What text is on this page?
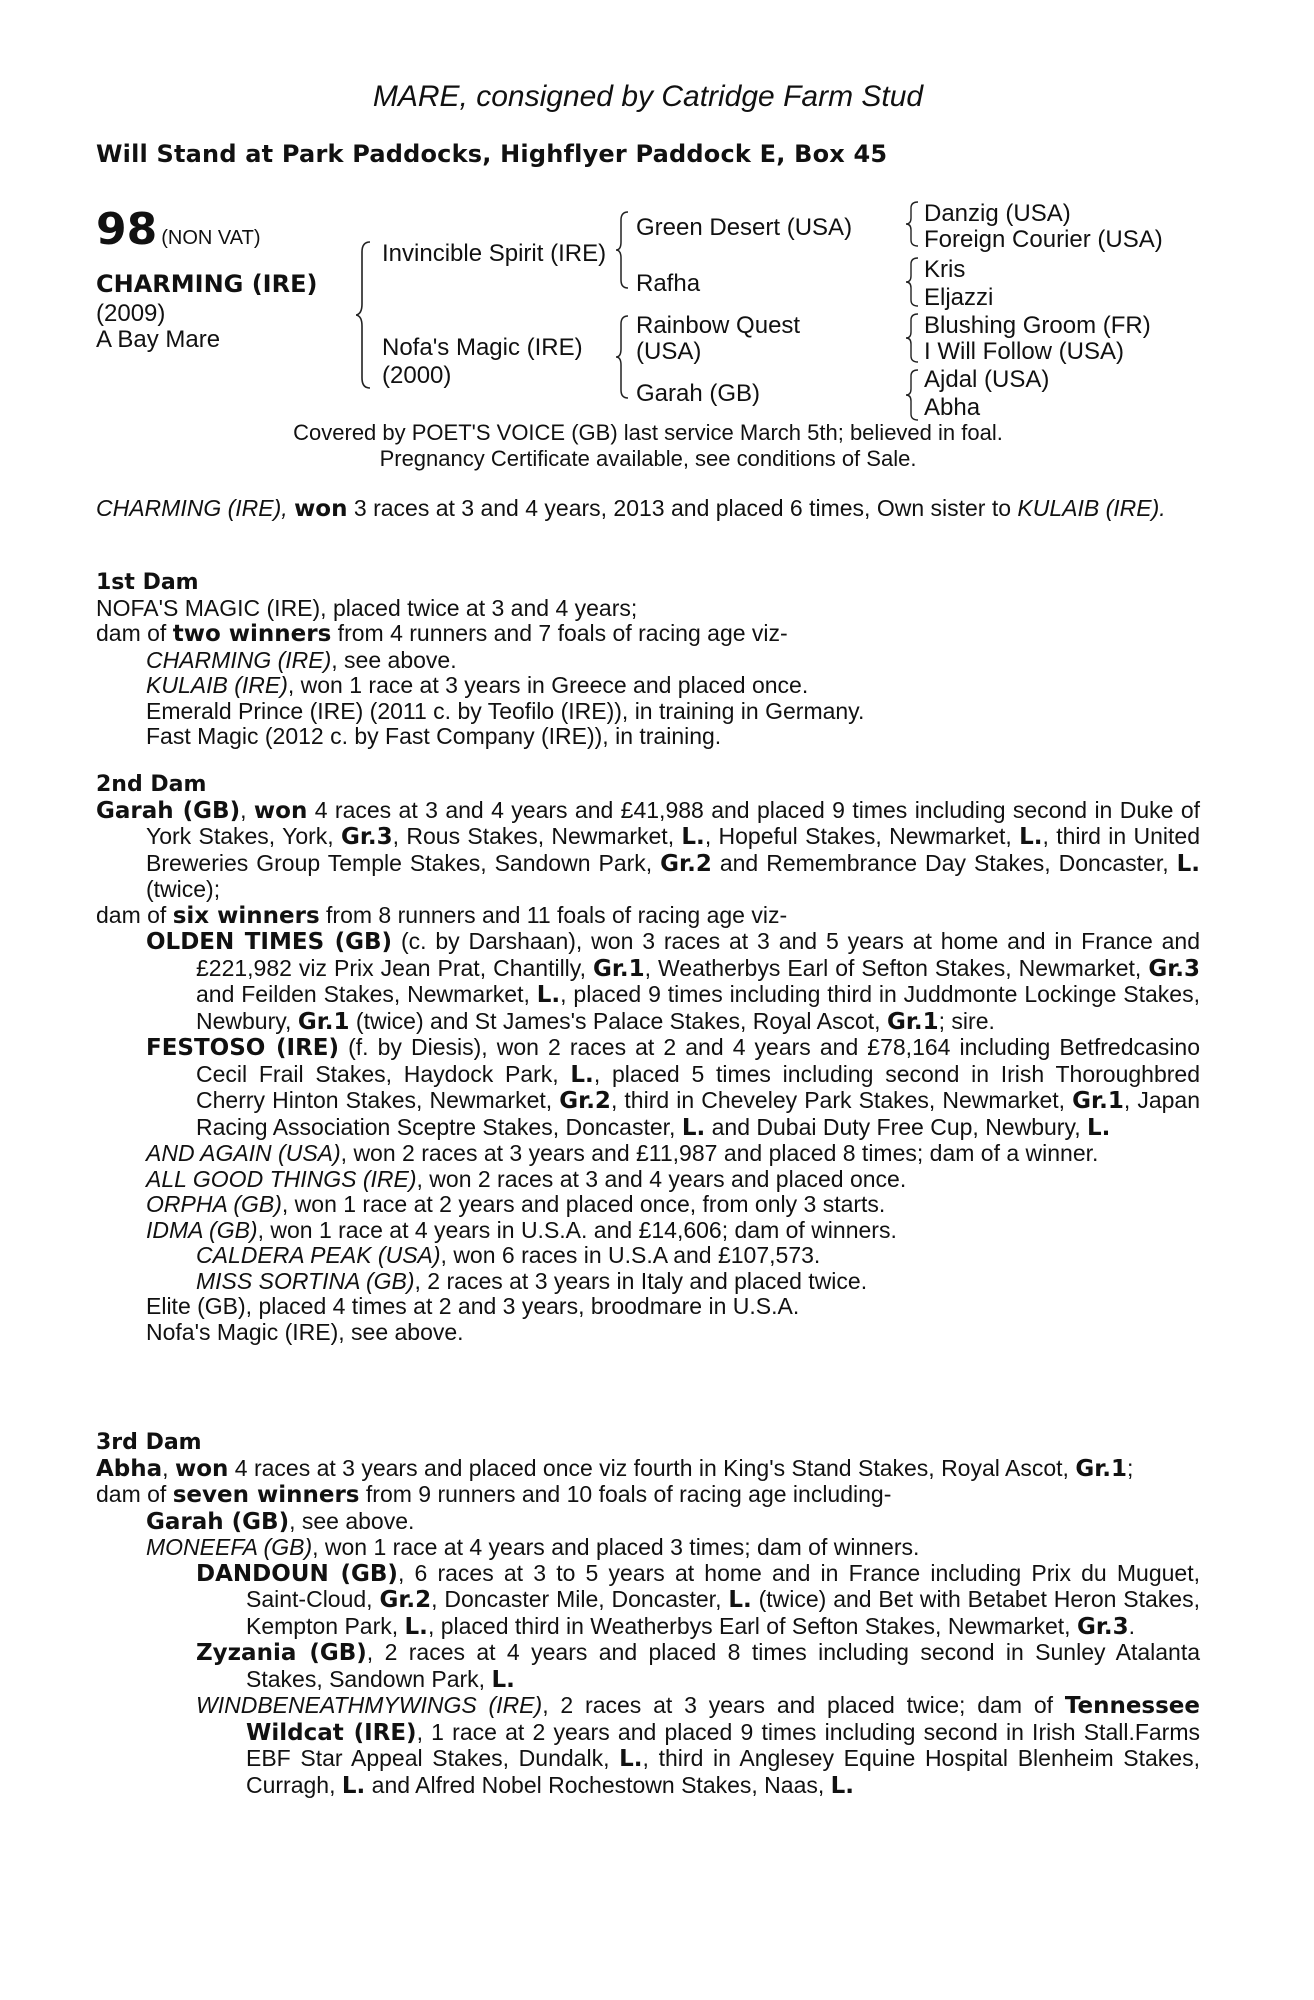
MARE, consigned by Catridge Farm Stud
Will Stand at Park Paddocks, Highflyer Paddock E, Box 45
98 (NON VAT)
CHARMING (IRE)
(2009)
A Bay Mare
Invincible Spirit (IRE)
Nofa's Magic (IRE)
(2000)
Green Desert (USA)
Rafha
Rainbow Quest
(USA)
Garah (GB)
Danzig (USA)
Foreign Courier (USA)
Kris
Eljazzi
Blushing Groom (FR)
I Will Follow (USA)
Ajdal (USA)
Abha
Covered by POET'S VOICE (GB) last service March 5th; believed in foal.
Pregnancy Certificate available, see conditions of Sale.
CHARMING (IRE), won 3 races at 3 and 4 years, 2013 and placed 6 times, Own sister to KULAIB (IRE).

1st Dam

NOFA'S MAGIC (IRE), placed twice at 3 and 4 years;

dam of two winners from 4 runners and 7 foals of racing age viz-

CHARMING (IRE), see above.

KULAIB (IRE), won 1 race at 3 years in Greece and placed once.

Emerald Prince (IRE) (2011 c. by Teofilo (IRE)), in training in Germany.

Fast Magic (2012 c. by Fast Company (IRE)), in training.

2nd Dam

Garah (GB), won 4 races at 3 and 4 years and £41,988 and placed 9 times including second in Duke of York Stakes, York, Gr.3, Rous Stakes, Newmarket, L., Hopeful Stakes, Newmarket, L., third in United Breweries Group Temple Stakes, Sandown Park, Gr.2 and Remembrance Day Stakes, Doncaster, L. (twice);

dam of six winners from 8 runners and 11 foals of racing age viz-

OLDEN TIMES (GB) (c. by Darshaan), won 3 races at 3 and 5 years at home and in France and £221,982 viz Prix Jean Prat, Chantilly, Gr.1, Weatherbys Earl of Sefton Stakes, Newmarket, Gr.3 and Feilden Stakes, Newmarket, L., placed 9 times including third in Juddmonte Lockinge Stakes, Newbury, Gr.1 (twice) and St James's Palace Stakes, Royal Ascot, Gr.1; sire.

FESTOSO (IRE) (f. by Diesis), won 2 races at 2 and 4 years and £78,164 including Betfredcasino Cecil Frail Stakes, Haydock Park, L., placed 5 times including second in Irish Thoroughbred Cherry Hinton Stakes, Newmarket, Gr.2, third in Cheveley Park Stakes, Newmarket, Gr.1, Japan Racing Association Sceptre Stakes, Doncaster, L. and Dubai Duty Free Cup, Newbury, L.

AND AGAIN (USA), won 2 races at 3 years and £11,987 and placed 8 times; dam of a winner.

ALL GOOD THINGS (IRE), won 2 races at 3 and 4 years and placed once.

ORPHA (GB), won 1 race at 2 years and placed once, from only 3 starts.

IDMA (GB), won 1 race at 4 years in U.S.A. and £14,606; dam of winners.

CALDERA PEAK (USA), won 6 races in U.S.A and £107,573.

MISS SORTINA (GB), 2 races at 3 years in Italy and placed twice.

Elite (GB), placed 4 times at 2 and 3 years, broodmare in U.S.A.

Nofa's Magic (IRE), see above.

3rd Dam

Abha, won 4 races at 3 years and placed once viz fourth in King's Stand Stakes, Royal Ascot, Gr.1;

dam of seven winners from 9 runners and 10 foals of racing age including-

Garah (GB), see above.

MONEEFA (GB), won 1 race at 4 years and placed 3 times; dam of winners.

DANDOUN (GB), 6 races at 3 to 5 years at home and in France including Prix du Muguet, Saint-Cloud, Gr.2, Doncaster Mile, Doncaster, L. (twice) and Bet with Betabet Heron Stakes, Kempton Park, L., placed third in Weatherbys Earl of Sefton Stakes, Newmarket, Gr.3.

Zyzania (GB), 2 races at 4 years and placed 8 times including second in Sunley Atalanta Stakes, Sandown Park, L.

WINDBENEATHMYWINGS (IRE), 2 races at 3 years and placed twice; dam of Tennessee Wildcat (IRE), 1 race at 2 years and placed 9 times including second in Irish Stall.Farms EBF Star Appeal Stakes, Dundalk, L., third in Anglesey Equine Hospital Blenheim Stakes, Curragh, L. and Alfred Nobel Rochestown Stakes, Naas, L.
